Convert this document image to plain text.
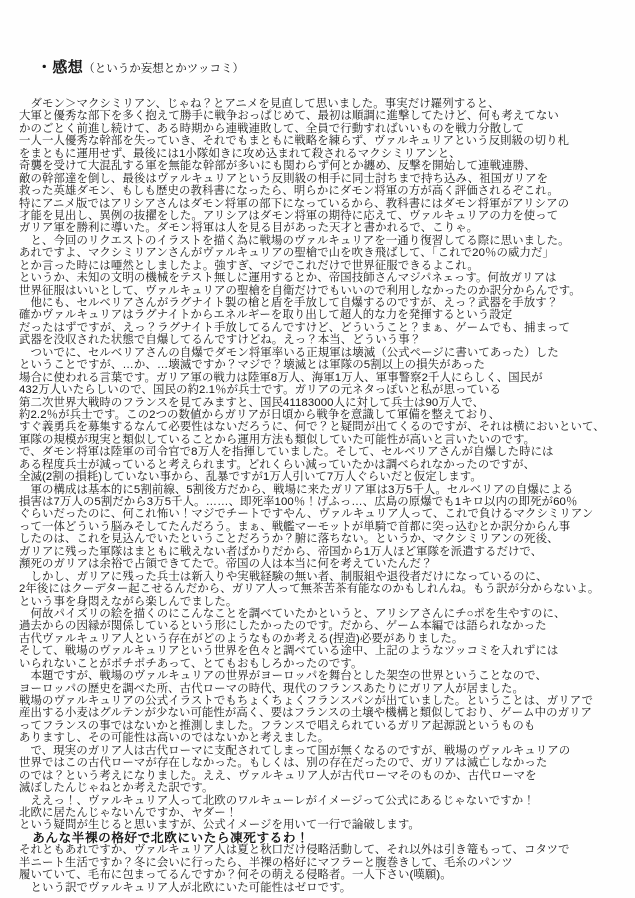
・感想（というか妄想とかツッコミ）

　ダモン＞マクシミリアン、じゃね？とアニメを見直して思いました。事実だけ羅列すると、
大軍と優秀な部下を多く抱えて勝手に戦争おっぱじめて、最初は順調に進撃してたけど、何も考えてない
かのごとく前進し続けて、ある時期から連戦連敗して、全員で行動すればいいものを戦力分散して
一人一人優秀な幹部を失っていき、それでもまともに戦略を練らず、ヴァルキュリアという反則級の切り札
をまともに運用せず、最後には1小隊如きに攻め込まれて殺されるマクシミリアンと、
奇襲を受けて大混乱する軍を無能な幹部が多いにも関わらず何とか纏め、反撃を開始して連戦連勝、
敵の幹部達を倒し、最後はヴァルキュリアという反則級の相手に同士討ちまで持ち込み、祖国ガリアを
救った英雄ダモン、もしも歴史の教科書になったら、明らかにダモン将軍の方が高く評価されるぞこれ。
特にアニメ版ではアリシアさんはダモン将軍の部下になっているから、教科書にはダモン将軍がアリシアの
才能を見出し、異例の抜擢をした。アリシアはダモン将軍の期待に応えて、ヴァルキュリアの力を使って
ガリア軍を勝利に導いた。ダモン将軍は人を見る目があった天才と書かれるで、こりゃ。
　と、今回のリクエストのイラストを描く為に戦場のヴァルキュリアを一通り復習してる際に思いました。
あれですよ、マクシミリアンさんがヴァルキュリアの聖槍で山を吹き飛ばして、「これで20％の威力だ」
とか言った時には唖然としましたよ。強すぎ、マジでこれだけで世界征服できるよこれ。
というか、未知の文明の機械をテスト無しに運用するとか、帝国技師さんマジパネェっす。何故ガリアは
世界征服はいいとして、ヴァルキュリアの聖槍を自衛だけでもいいので利用しなかったのか訳分からんです。
　他にも、セルベリアさんがラグナイト製の槍と盾を手放して自爆するのですが、えっ？武器を手放す？
確かヴァルキュリアはラグナイトからエネルギーを取り出して超人的な力を発揮するという設定
だったはずですが、えっ？ラグナイト手放してるんですけど、どういうこと？まぁ、ゲームでも、捕まって
武器を没収された状態で自爆してるんですけどね。えっ？本当、どういう事？
　ついでに、セルベリアさんの自爆でダモン将軍率いる正規軍は壊滅（公式ページに書いてあった）した
ということですが、…か、…壊滅ですか？マジで？壊滅とは軍隊の5割以上の損失があった
場合に使われる言葉です。ガリア軍の戦力は陸軍8万人、海軍1万人、軍事警察2千人にらしく、国民が
432万人いたらしいので、国民の約2.1％が兵士です。ガリアの元ネタっぽいと私が思っている
第二次世界大戦時のフランスを見てみますと、国民41183000人に対して兵士は90万人で、
約2.2％が兵士です。この2つの数値からガリアが日頃から戦争を意識して軍備を整えており、
すぐ義勇兵を募集するなんて必要性はないだろうに、何で？と疑問が出てくるのですが、それは横においといて、
軍隊の規模が現実と類似していることから運用方法も類似していた可能性が高いと言いたいのです。
で、ダモン将軍は陸軍の司令官で8万人を指揮していました。そして、セルベリアさんが自爆した時には
ある程度兵士が減っていると考えられます。どれくらい減っていたかは調べられなかったのですが、
全滅(2割の損耗)していない事から、乱暴ですが1万人引いて7万人ぐらいだと仮定します。
　軍の構成は基本的に5割前線、5割後方だから、戦場に来たガリア軍は3万5千人。セルベリアの自爆による
損害は7万人の5割だから3万5千人。……、即死率100％！げふっ…、広島の原爆でも1キロ以内の即死が60％
ぐらいだったのに、何これ怖い！マジでチートですやん、ヴァルキュリア人って、これで負けるマクシミリアン
って一体どういう脳みそしてたんだろう。まぁ、戦艦マーモットが単騎で首都に突っ込むとか訳分からん事
したのは、これを見込んでいたということだろうか？腑に落ちない。というか、マクシミリアンの死後、
ガリアに残った軍隊はまともに戦えない者ばかりだから、帝国から1万人ほど軍隊を派遣するだけで、
瀕死のガリアは余裕で占領できてたで。帝国の人は本当に何を考えていたんだ？
　しかし、ガリアに残った兵士は新入りや実戦経験の無い者、制服組や退役者だけになっているのに、
2年後にはクーデター起こせるんだから、ガリア人って無茶苦茶有能なのかもしれんね。もう訳が分からないよ。
という事を身悶えながら楽しんでました。
　何故パイズリの絵を描くのにこんなことを調べていたかというと、アリシアさんにチ○ポを生やすのに、
過去からの因縁が関係しているという形にしたかったのです。だから、ゲーム本編では語られなかった
古代ヴァルキュリア人という存在がどのようなものか考える(捏造)必要がありました。
そして、戦場のヴァルキュリアという世界を色々と調べている途中、上記のようなツッコミを入れずには
いられないことがポチポチあって、とてもおもしろかったのです。
　本題ですが、戦場のヴァルキュリアの世界がヨーロッパを舞台とした架空の世界ということなので、
ヨーロッパの歴史を調べた所、古代ローマの時代、現代のフランスあたりにガリア人が居ました。
戦場のヴァルキュリアの公式イラストでもちょくちょくフランスパンが出ていました。ということは、ガリアで
産出する小麦はグルテンが少ない可能性が高く、要はフランスの土壌や機構と類似しており、ゲーム中のガリア
ってフランスの事ではないかと推測しました。フランスで唱えられているガリア起源説というものも
ありますし、その可能性は高いのではないかと考えました。
　で、現実のガリア人は古代ローマに支配されてしまって国が無くなるのですが、戦場のヴァルキュリアの
世界ではこの古代ローマが存在しなかった。もしくは、別の存在だったので、ガリアは滅亡しなかった
のでは？という考えになりました。ええ、ヴァルキュリア人が古代ローマそのものか、古代ローマを
滅ぼしたんじゃねとか考えた訳です。
　ええっ！、ヴァルキュリア人って北欧のワルキューレがイメージって公式にあるじゃないですか！
北欧に居たんじゃないんですか、ヤダー！
という疑問が生じると思いますが、公式イメージを用いて一行で論破します。
　あんな半裸の格好で北欧にいたら凍死するわ！
それともあれですか、ヴァルキュリア人は夏と秋口だけ侵略活動して、それ以外は引き篭もって、コタツで
半ニート生活ですか？冬に会いに行ったら、半裸の格好にマフラーと腹巻きして、毛糸のパンツ
履いていて、毛布に包まってるんですか？何その萌える侵略者。一人下さい(嘆願)。
　という訳でヴァルキュリア人が北欧にいた可能性はゼロです。
